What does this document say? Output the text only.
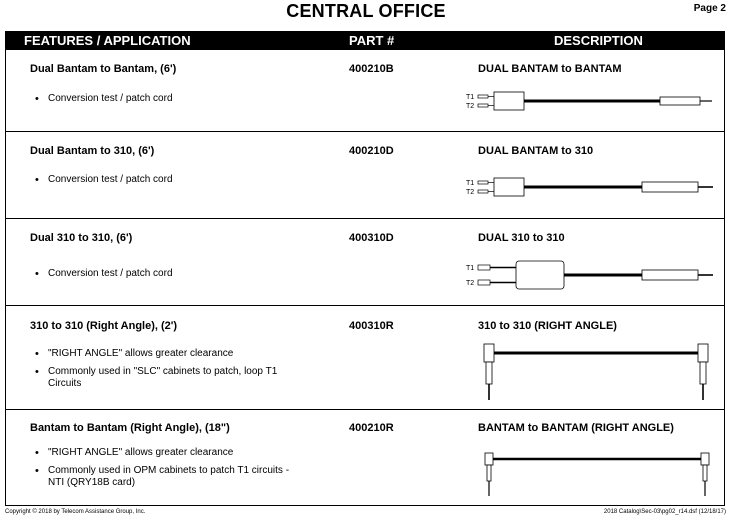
CENTRAL OFFICE	Page 2
FEATURES / APPLICATION	PART #	DESCRIPTION
Dual Bantam to Bantam, (6')	400210B	DUAL BANTAM to BANTAM
• Conversion test / patch cord	T1
T2
Dual Bantam to 310, (6')	400210D	DUAL BANTAM to 310
• Conversion test / patch cord	T1
T2
Dual 310 to 310, (6')	400310D	DUAL 310 to 310
• Conversion test / patch cord	T1
T2
310 to 310 (Right Angle), (2')	400310R	310 to 310 (RIGHT ANGLE)
• "RIGHT ANGLE" allows greater clearance
• Commonly used in "SLC" cabinets to patch, loop T1 Circuits
Bantam to Bantam (Right Angle), (18")	400210R	BANTAM to BANTAM (RIGHT ANGLE)
• "RIGHT ANGLE" allows greater clearance
• Commonly used in OPM cabinets to patch T1 circuits - NTI (QRY18B card)
Copyright © 2018 by Telecom Assistance Group, Inc.	2018 Catalog\Sec-03\pg02_r14.dsf (12/18/17)
